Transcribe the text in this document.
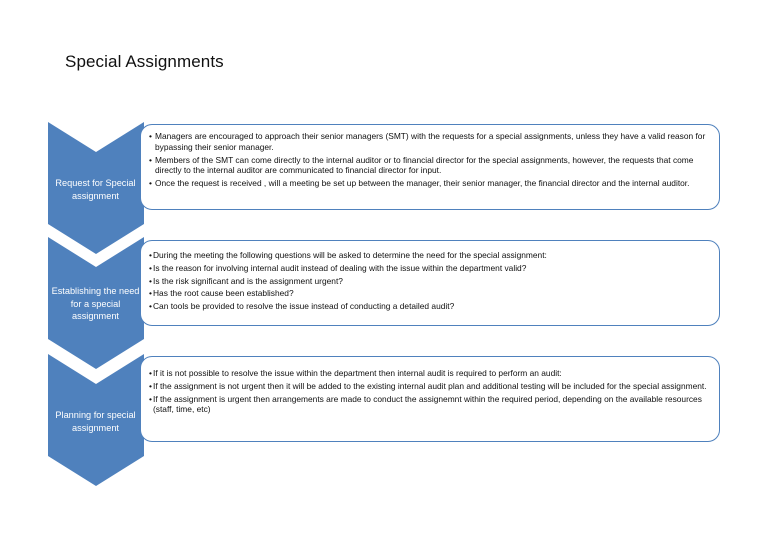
Special Assignments
Request for Special assignment
• Managers are encouraged to approach their senior managers (SMT) with the requests for a special assignments, unless they have a valid reason for bypassing their senior manager.
• Members of the SMT can come directly to the internal auditor or to financial director for the special assignments, however, the requests that come directly to the internal auditor are communicated to financial director for input.
• Once the request is received , will a meeting be set up between the manager, their senior manager, the financial director and the internal auditor.
Establishing the need for a special assignment
• During the meeting the following questions will be asked to determine the need for the special assignment:
• Is the reason for involving internal audit instead of dealing with the issue within the department valid?
• Is the risk significant and is the assignment urgent?
• Has the root cause been established?
• Can tools be provided to resolve the issue instead of conducting a detailed audit?
Planning for special assignment
• If it is not possible to resolve the issue within the department then internal audit is required to perform an audit:
• If the assignment is not urgent then it will be added to the existing internal audit plan and additional testing will be included for the special assignment.
• If the assignment is urgent then arrangements are made to conduct the assignemnt within the required period, depending on the available resources (staff, time, etc)
